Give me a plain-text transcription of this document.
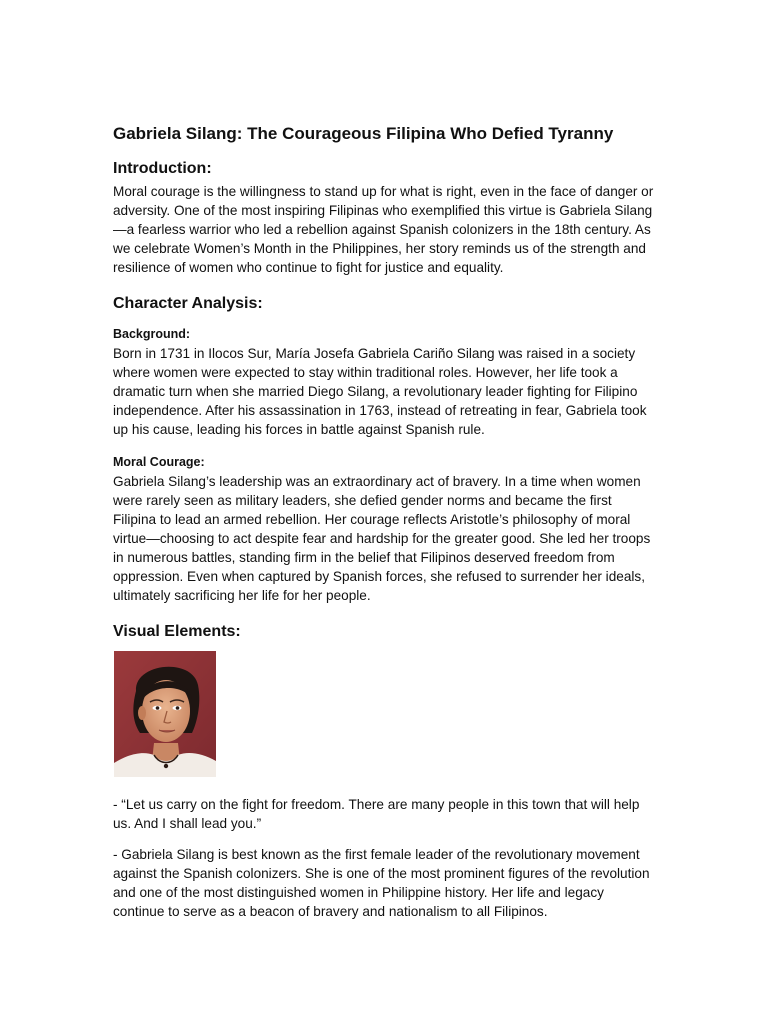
Gabriela Silang: The Courageous Filipina Who Defied Tyranny
Introduction:

Moral courage is the willingness to stand up for what is right, even in the face of danger or adversity. One of the most inspiring Filipinas who exemplified this virtue is Gabriela Silang—a fearless warrior who led a rebellion against Spanish colonizers in the 18th century. As we celebrate Women’s Month in the Philippines, her story reminds us of the strength and resilience of women who continue to fight for justice and equality.

Character Analysis:
Background:

Born in 1731 in Ilocos Sur, María Josefa Gabriela Cariño Silang was raised in a society where women were expected to stay within traditional roles. However, her life took a dramatic turn when she married Diego Silang, a revolutionary leader fighting for Filipino independence. After his assassination in 1763, instead of retreating in fear, Gabriela took up his cause, leading his forces in battle against Spanish rule.

Moral Courage:

Gabriela Silang’s leadership was an extraordinary act of bravery. In a time when women were rarely seen as military leaders, she defied gender norms and became the first Filipina to lead an armed rebellion. Her courage reflects Aristotle’s philosophy of moral virtue—choosing to act despite fear and hardship for the greater good. She led her troops in numerous battles, standing firm in the belief that Filipinos deserved freedom from oppression. Even when captured by Spanish forces, she refused to surrender her ideals, ultimately sacrificing her life for her people.

Visual Elements:

- “Let us carry on the fight for freedom. There are many people in this town that will help us. And I shall lead you.”

- Gabriela Silang is best known as the first female leader of the revolutionary movement against the Spanish colonizers. She is one of the most prominent figures of the revolution and one of the most distinguished women in Philippine history. Her life and legacy continue to serve as a beacon of bravery and nationalism to all Filipinos.
